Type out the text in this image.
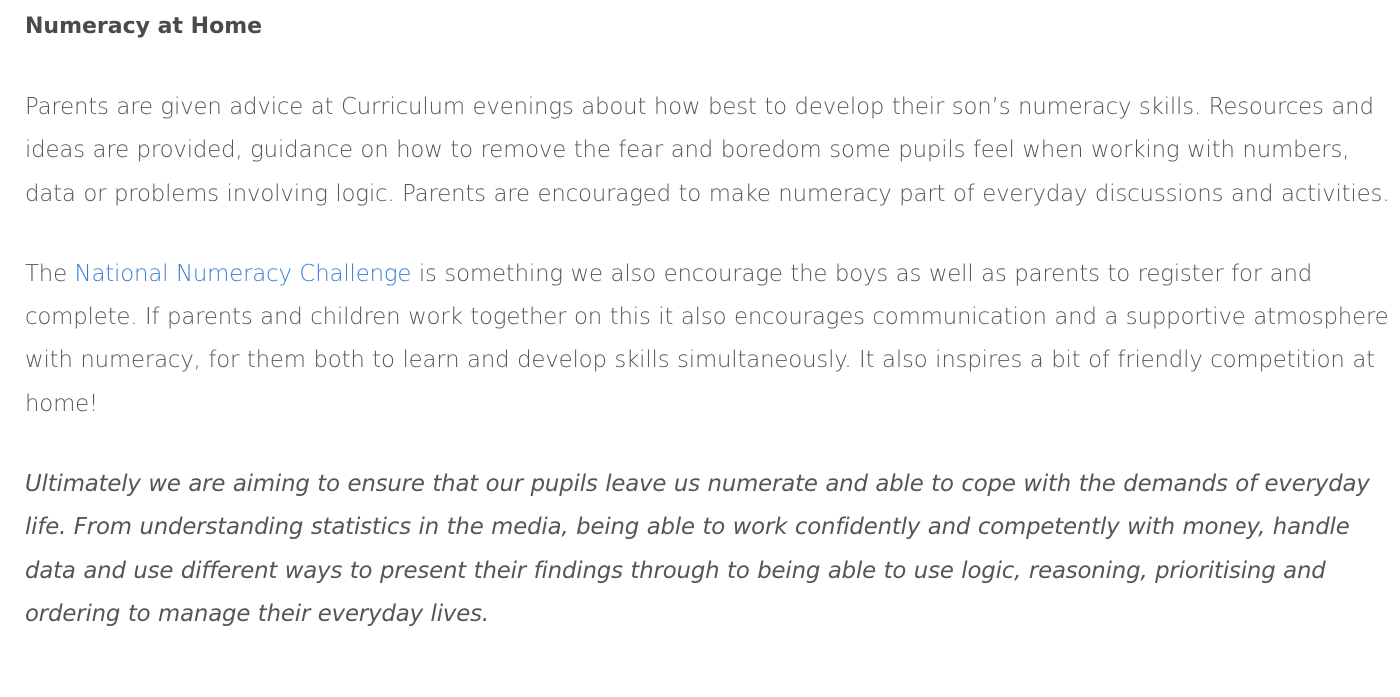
Numeracy at Home

Parents are given advice at Curriculum evenings about how best to develop their son’s numeracy skills. Resources and ideas are provided, guidance on how to remove the fear and boredom some pupils feel when working with numbers, data or problems involving logic. Parents are encouraged to make numeracy part of everyday discussions and activities.

The National Numeracy Challenge is something we also encourage the boys as well as parents to register for and complete. If parents and children work together on this it also encourages communication and a supportive atmosphere with numeracy, for them both to learn and develop skills simultaneously. It also inspires a bit of friendly competition at home!

Ultimately we are aiming to ensure that our pupils leave us numerate and able to cope with the demands of everyday life. From understanding statistics in the media, being able to work confidently and competently with money, handle data and use different ways to present their findings through to being able to use logic, reasoning, prioritising and ordering to manage their everyday lives.
